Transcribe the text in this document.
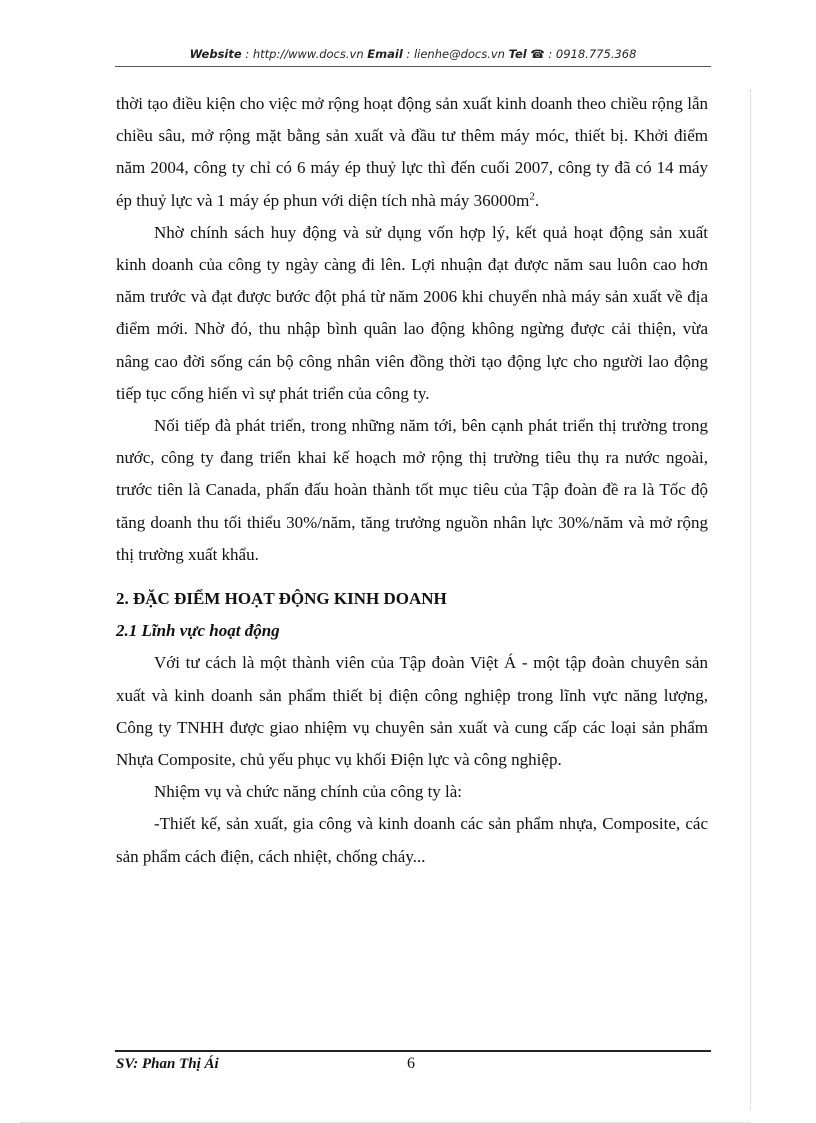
Website : http://www.docs.vn Email : lienhe@docs.vn Tel ☎ : 0918.775.368

thời tạo điều kiện cho việc mở rộng hoạt động sản xuất kinh doanh theo chiều rộng lẫn chiều sâu, mở rộng mặt bằng sản xuất và đầu tư thêm máy móc, thiết bị. Khởi điểm năm 2004, công ty chỉ có 6 máy ép thuỷ lực thì đến cuối 2007, công ty đã có 14 máy ép thuỷ lực và 1 máy ép phun với diện tích nhà máy $36000m^2$.

Nhờ chính sách huy động và sử dụng vốn hợp lý, kết quả hoạt động sản xuất kinh doanh của công ty ngày càng đi lên. Lợi nhuận đạt được năm sau luôn cao hơn năm trước và đạt được bước đột phá từ năm 2006 khi chuyển nhà máy sản xuất về địa điểm mới. Nhờ đó, thu nhập bình quân lao động không ngừng được cải thiện, vừa nâng cao đời sống cán bộ công nhân viên đồng thời tạo động lực cho người lao động tiếp tục cống hiến vì sự phát triển của công ty.

Nối tiếp đà phát triển, trong những năm tới, bên cạnh phát triển thị trường trong nước, công ty đang triển khai kế hoạch mở rộng thị trường tiêu thụ ra nước ngoài, trước tiên là Canada, phấn đấu hoàn thành tốt mục tiêu của Tập đoàn đề ra là Tốc độ tăng doanh thu tối thiểu 30%/năm, tăng trưởng nguồn nhân lực 30%/năm và mở rộng thị trường xuất khẩu.

2. ĐẶC ĐIỂM HOẠT ĐỘNG KINH DOANH

2.1 Lĩnh vực hoạt động

Với tư cách là một thành viên của Tập đoàn Việt Á - một tập đoàn chuyên sản xuất và kinh doanh sản phẩm thiết bị điện công nghiệp trong lĩnh vực năng lượng, Công ty TNHH được giao nhiệm vụ chuyên sản xuất và cung cấp các loại sản phẩm Nhựa Composite, chủ yếu phục vụ khối Điện lực và công nghiệp.

Nhiệm vụ và chức năng chính của công ty là:

-Thiết kế, sản xuất, gia công và kinh doanh các sản phẩm nhựa, Composite, các sản phẩm cách điện, cách nhiệt, chống cháy...

SV: Phan Thị Ái	6
